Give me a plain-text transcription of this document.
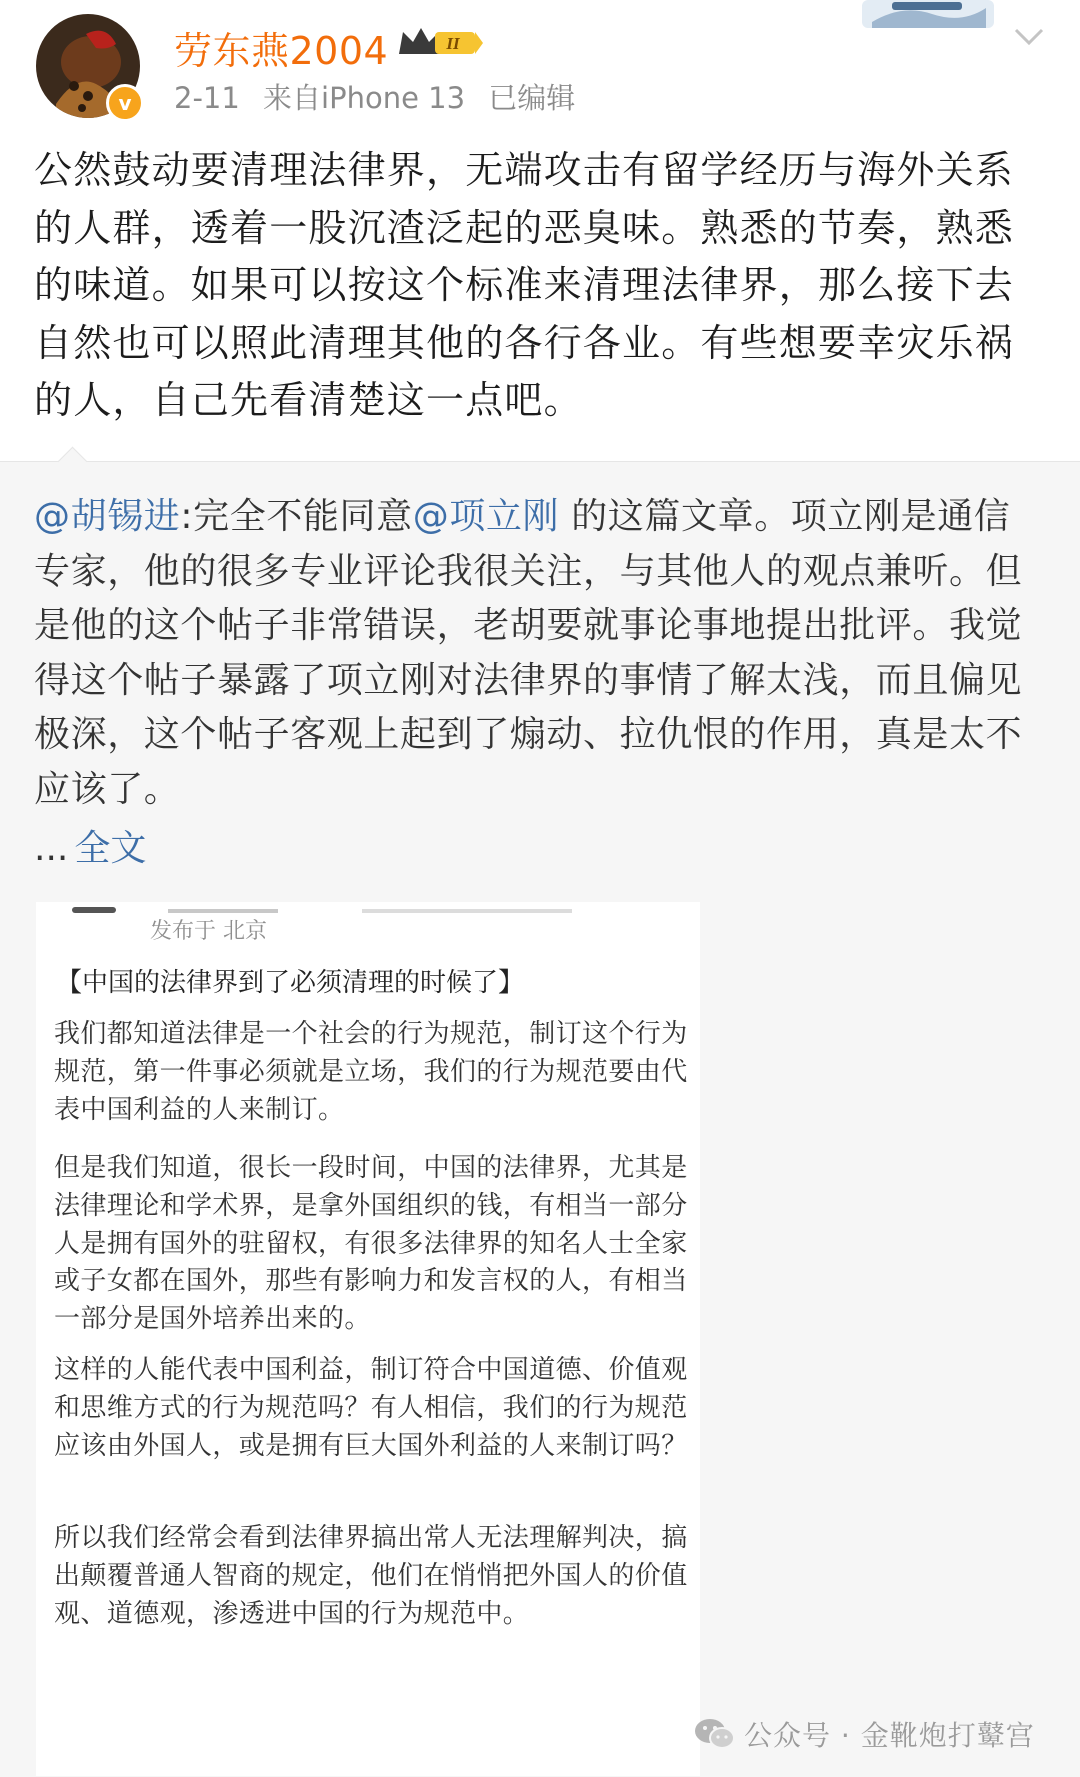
v
劳东燕2004	II
2-11 来自iPhone 13 已编辑

公然鼓动要清理法律界，无端攻击有留学经历与海外关系的人群，透着一股沉渣泛起的恶臭味。熟悉的节奏，熟悉的味道。如果可以按这个标准来清理法律界，那么接下去自然也可以照此清理其他的各行各业。有些想要幸灾乐祸的人，自己先看清楚这一点吧。

@胡锡进:完全不能同意@项立刚 的这篇文章。项立刚是通信专家，他的很多专业评论我很关注，与其他人的观点兼听。但是他的这个帖子非常错误，老胡要就事论事地提出批评。我觉得这个帖子暴露了项立刚对法律界的事情了解太浅，而且偏见极深，这个帖子客观上起到了煽动、拉仇恨的作用，真是太不应该了。

... 全文
发布于 北京
【中国的法律界到了必须清理的时候了】

我们都知道法律是一个社会的行为规范，制订这个行为规范，第一件事必须就是立场，我们的行为规范要由代表中国利益的人来制订。

但是我们知道，很长一段时间，中国的法律界，尤其是法律理论和学术界，是拿外国组织的钱，有相当一部分人是拥有国外的驻留权，有很多法律界的知名人士全家或子女都在国外，那些有影响力和发言权的人，有相当一部分是国外培养出来的。

这样的人能代表中国利益，制订符合中国道德、价值观和思维方式的行为规范吗？有人相信，我们的行为规范应该由外国人，或是拥有巨大国外利益的人来制订吗？

所以我们经常会看到法律界搞出常人无法理解判决，搞出颠覆普通人智商的规定，他们在悄悄把外国人的价值观、道德观，渗透进中国的行为规范中。

公众号 · 金靴炮打鼙宫
